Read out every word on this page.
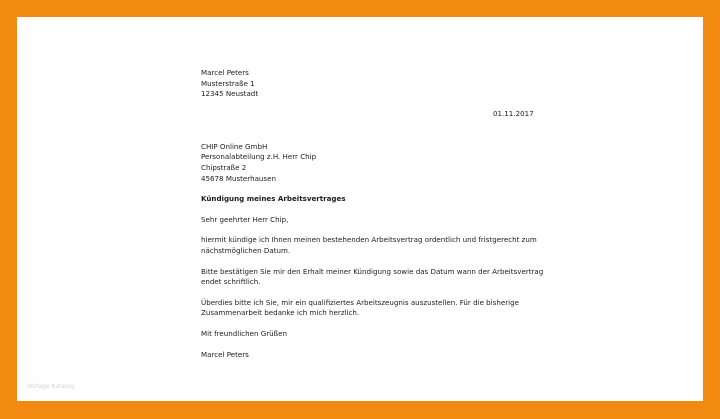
01.11.2017
Marcel Peters
Musterstraße 1
12345 Neustadt
CHIP Online GmbH
Personalabteilung z.H. Herr Chip
Chipstraße 2
45678 Musterhausen
Kündigung meines Arbeitsvertrages
Sehr geehrter Herr Chip,
hiermit kündige ich Ihnen meinen bestehenden Arbeitsvertrag ordentlich und fristgerecht zum
nächstmöglichen Datum.
Bitte bestätigen Sie mir den Erhalt meiner Kündigung sowie das Datum wann der Arbeitsvertrag
endet schriftlich.
Überdies bitte ich Sie, mir ein qualifiziertes Arbeitszeugnis auszustellen. Für die bisherige
Zusammenarbeit bedanke ich mich herzlich.
Mit freundlichen Grüßen
Marcel Peters
Vorlage Katalog
